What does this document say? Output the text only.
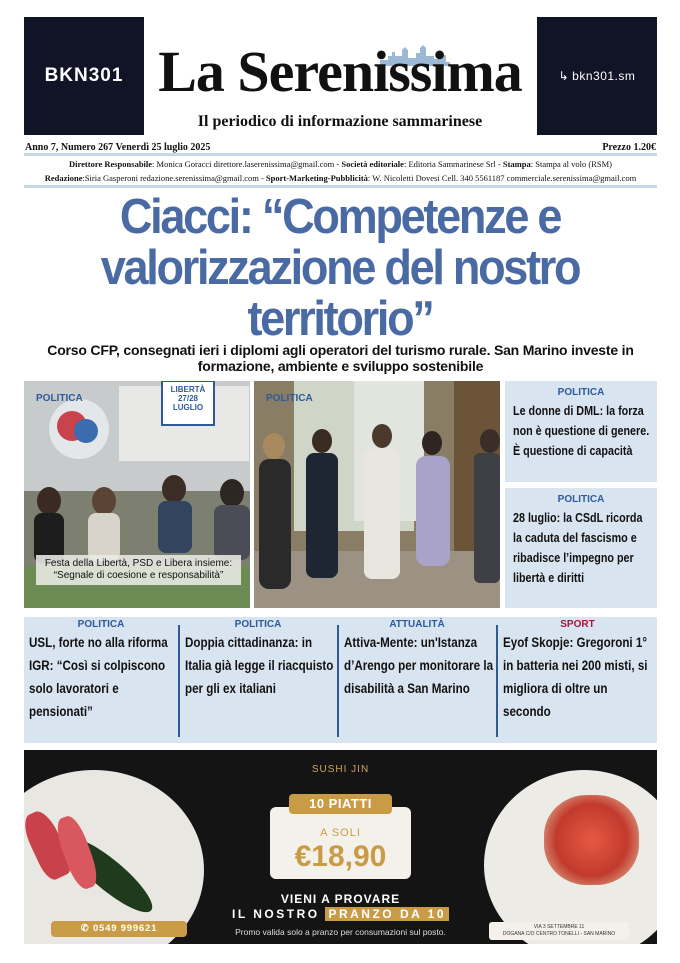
BKN301 La Serenissima
Il periodico di informazione sammarinese
↳ bkn301.sm
Anno 7, Numero 267 Venerdì 25 luglio 2025	Prezzo 1.20€
Direttore Responsabile: Monica Goracci direttore.laserenissima@gmail.com - Società editoriale: Editoria Sammarinese Srl - Stampa: Stampa al volo (RSM)
Redazione:Siria Gasperoni redazione.serenissima@gmail.com - Sport-Marketing-Pubblicità: W. Nicoletti Dovesi Cell. 340 5561187 commerciale.serenissima@gmail.com
Ciacci: “Competenze e valorizzazione del nostro territorio”
Corso CFP, consegnati ieri i diplomi agli operatori del turismo rurale. San Marino investe in formazione, ambiente e sviluppo sostenibile
POLITICA
LIBERTÀ 27/28 LUGLIO
Festa della Libertà, PSD e Libera insieme: “Segnale di coesione e responsabilità”
POLITICA
POLITICA
Le donne di DML: la forza non è questione di genere. È questione di capacità
POLITICA
28 luglio: la CSdL ricorda la caduta del fascismo e ribadisce l’impegno per libertà e diritti
POLITICA
USL, forte no alla riforma IGR: “Così si colpiscono solo lavoratori e pensionati”
POLITICA
Doppia cittadinanza: in Italia già legge il riacquisto per gli ex italiani
ATTUALITÀ
Attiva-Mente: un'Istanza d’Arengo per monitorare la disabilità a San Marino
SPORT
Eyof Skopje: Gregoroni 1° in batteria nei 200 misti, si migliora di oltre un secondo
SUSHI JIN
10 PIATTI
A SOLI
€18,90
VIENI A PROVARE
IL NOSTRO PRANZO DA 10
Promo valida solo a pranzo per consumazioni sul posto.
✆ 0549 999621	VIA 3 SETTEMBRE 11
DOGANA C/O CENTRO TONELLI - SAN MARINO
